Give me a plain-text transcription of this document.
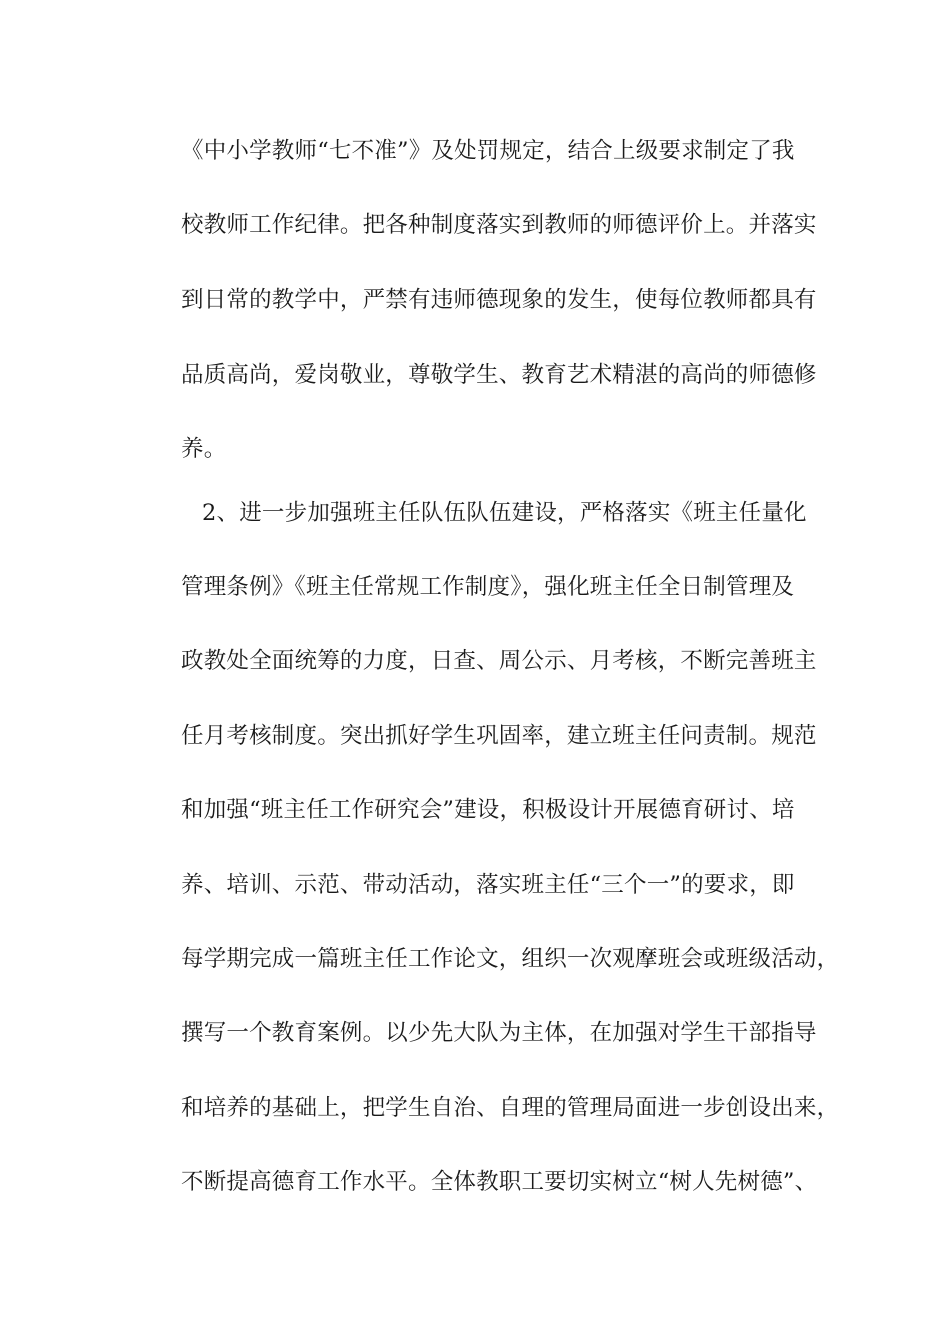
《中小学教师“七不准”》及处罚规定，结合上级要求制定了我
校教师工作纪律。把各种制度落实到教师的师德评价上。并落实
到日常的教学中，严禁有违师德现象的发生，使每位教师都具有
品质高尚，爱岗敬业，尊敬学生、教育艺术精湛的高尚的师德修
养。
2、进一步加强班主任队伍队伍建设，严格落实《班主任量化
管理条例》《班主任常规工作制度》，强化班主任全日制管理及
政教处全面统筹的力度，日查、周公示、月考核，不断完善班主
任月考核制度。突出抓好学生巩固率，建立班主任问责制。规范
和加强“班主任工作研究会”建设，积极设计开展德育研讨、培
养、培训、示范、带动活动，落实班主任“三个一”的要求，即
每学期完成一篇班主任工作论文，组织一次观摩班会或班级活动，
撰写一个教育案例。以少先大队为主体，在加强对学生干部指导
和培养的基础上，把学生自治、自理的管理局面进一步创设出来，
不断提高德育工作水平。全体教职工要切实树立“树人先树德”、
